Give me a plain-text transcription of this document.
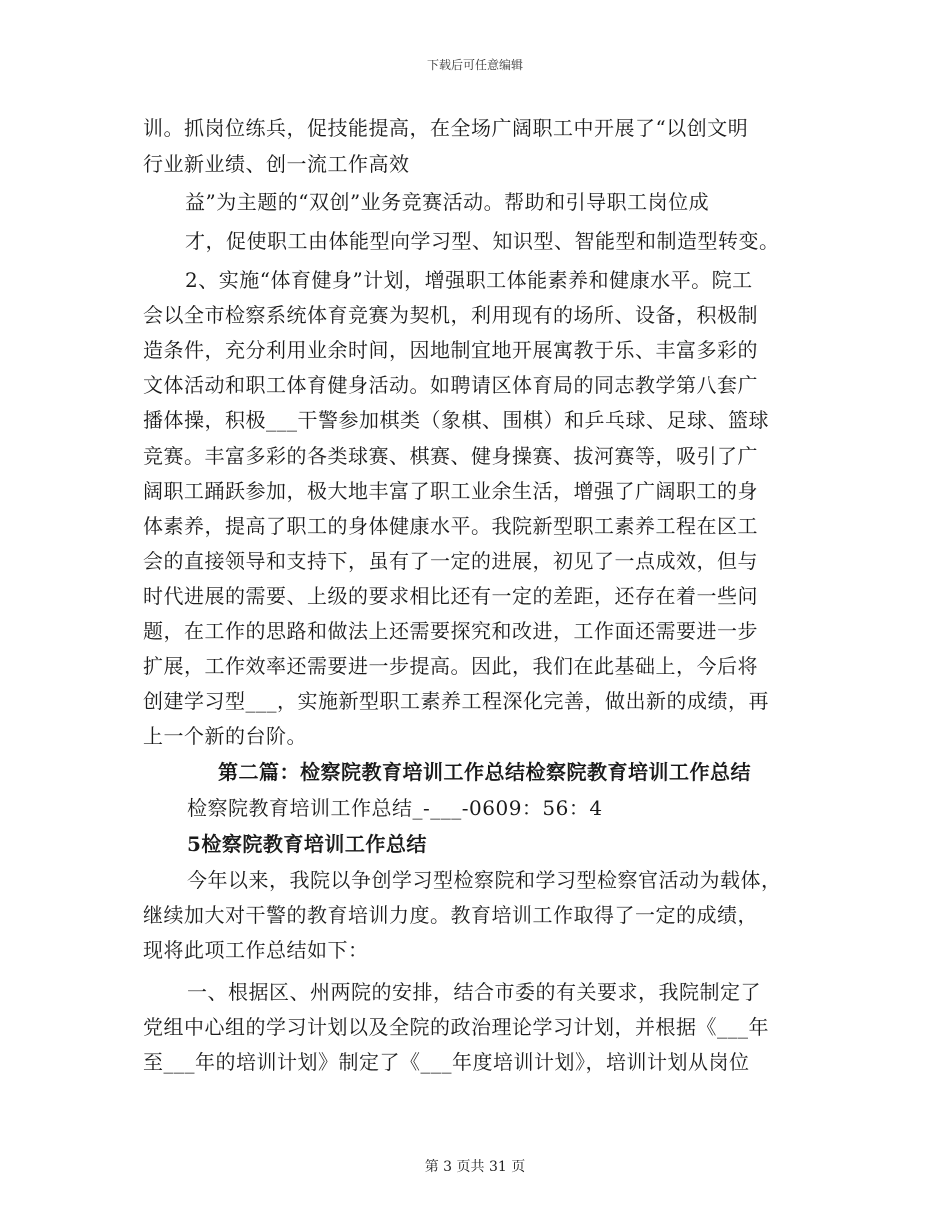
下载后可任意编辑
训。抓岗位练兵，促技能提高，在全场广阔职工中开展了“以创文明
行业新业绩、创一流工作高效
益”为主题的“双创”业务竞赛活动。帮助和引导职工岗位成
才，促使职工由体能型向学习型、知识型、智能型和制造型转变。
2、实施“体育健身”计划，增强职工体能素养和健康水平。院工
会以全市检察系统体育竞赛为契机，利用现有的场所、设备，积极制
造条件，充分利用业余时间，因地制宜地开展寓教于乐、丰富多彩的
文体活动和职工体育健身活动。如聘请区体育局的同志教学第八套广
播体操，积极___干警参加棋类（象棋、围棋）和乒乓球、足球、篮球
竞赛。丰富多彩的各类球赛、棋赛、健身操赛、拔河赛等，吸引了广
阔职工踊跃参加，极大地丰富了职工业余生活，增强了广阔职工的身
体素养，提高了职工的身体健康水平。我院新型职工素养工程在区工
会的直接领导和支持下，虽有了一定的进展，初见了一点成效，但与
时代进展的需要、上级的要求相比还有一定的差距，还存在着一些问
题，在工作的思路和做法上还需要探究和改进，工作面还需要进一步
扩展，工作效率还需要进一步提高。因此，我们在此基础上，今后将
创建学习型___，实施新型职工素养工程深化完善，做出新的成绩，再
上一个新的台阶。
第二篇：检察院教育培训工作总结检察院教育培训工作总结
检察院教育培训工作总结_-___-0609：56：4
5检察院教育培训工作总结
今年以来，我院以争创学习型检察院和学习型检察官活动为载体，
继续加大对干警的教育培训力度。教育培训工作取得了一定的成绩，
现将此项工作总结如下：
一、根据区、州两院的安排，结合市委的有关要求，我院制定了
党组中心组的学习计划以及全院的政治理论学习计划，并根据《___年
至___年的培训计划》制定了《___年度培训计划》，培训计划从岗位
第 3 页共 31 页
